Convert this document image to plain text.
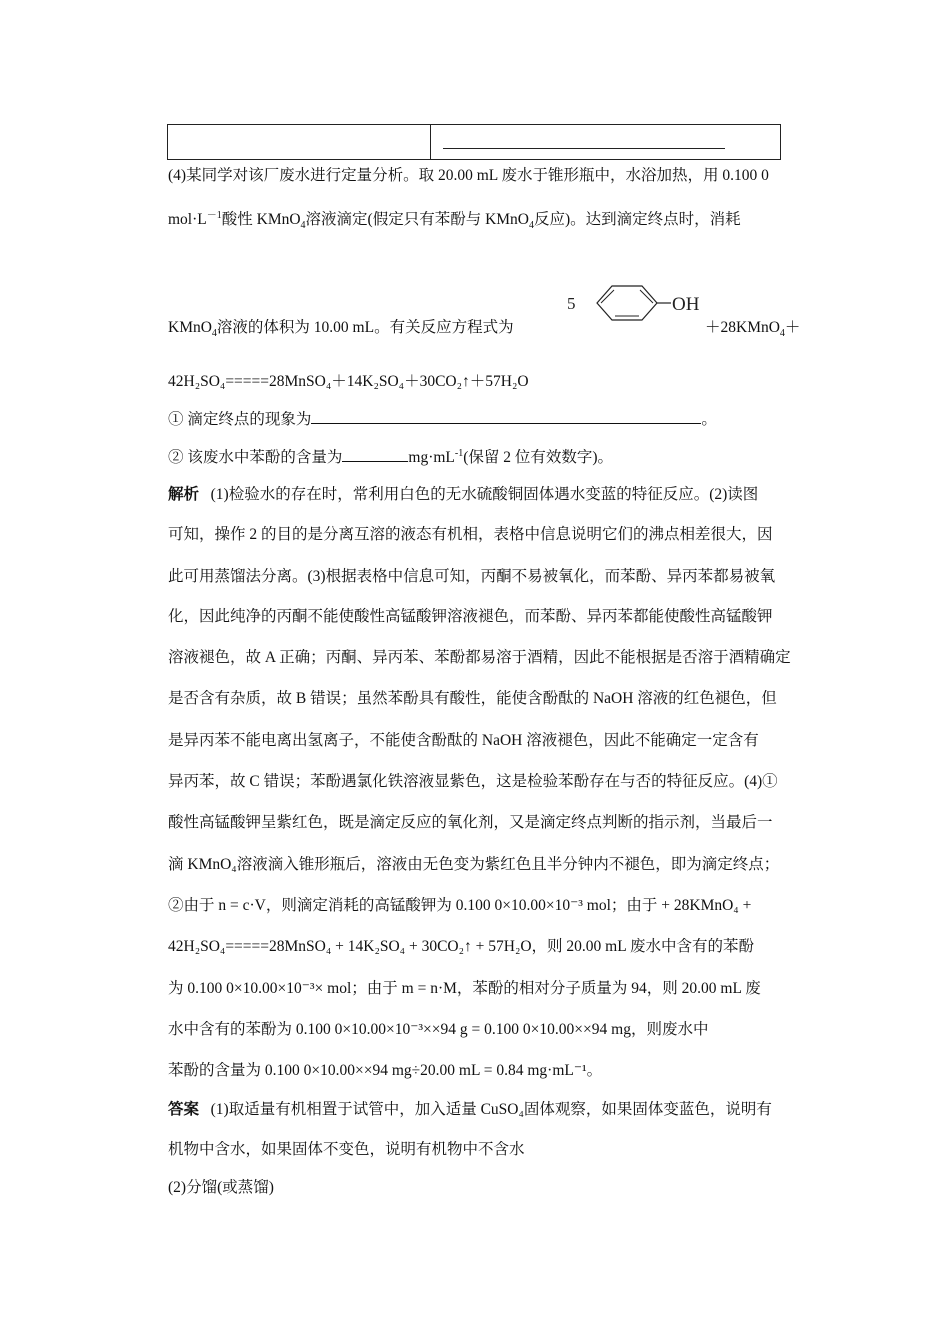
(4)某同学对该厂废水进行定量分析。取 20.00 mL 废水于锥形瓶中，水浴加热，用 0.100 0
$mol\cdot L^{-1}$酸性 KMnO$_4$溶液滴定(假定只有苯酚与 KMnO$_4$反应)。达到滴定终点时，消耗
KMnO$_4$溶液的体积为 10.00 mL。有关反应方程式为
5	OH
＋28KMnO$_4$＋
42H₂SO₄=====28MnSO₄＋14K₂SO₄＋30CO₂↑＋57H₂O
① 滴定终点的现象为	。
② 该废水中苯酚的含量为	$mg\cdot mL^{-1}$(保留 2 位有效数字)。
解析 (1)检验水的存在时，常利用白色的无水硫酸铜固体遇水变蓝的特征反应。(2)读图
可知，操作 2 的目的是分离互溶的液态有机相，表格中信息说明它们的沸点相差很大，因
此可用蒸馏法分离。(3)根据表格中信息可知，丙酮不易被氧化，而苯酚、异丙苯都易被氧
化，因此纯净的丙酮不能使酸性高锰酸钾溶液褪色，而苯酚、异丙苯都能使酸性高锰酸钾
溶液褪色，故 A 正确；丙酮、异丙苯、苯酚都易溶于酒精，因此不能根据是否溶于酒精确定
是否含有杂质，故 B 错误；虽然苯酚具有酸性，能使含酚酞的 NaOH 溶液的红色褪色，但
是异丙苯不能电离出氢离子，不能使含酚酞的 NaOH 溶液褪色，因此不能确定一定含有
异丙苯，故 C 错误；苯酚遇氯化铁溶液显紫色，这是检验苯酚存在与否的特征反应。(4)①
酸性高锰酸钾呈紫红色，既是滴定反应的氧化剂，又是滴定终点判断的指示剂，当最后一
滴 KMnO₄溶液滴入锥形瓶后，溶液由无色变为紫红色且半分钟内不褪色，即为滴定终点；
②由于 n = c·V，则滴定消耗的高锰酸钾为 0.100 0×10.00×10⁻³ mol；由于 + 28KMnO₄ +
42H₂SO₄=====28MnSO₄ + 14K₂SO₄ + 30CO₂↑ + 57H₂O，则 20.00 mL 废水中含有的苯酚
为 0.100 0×10.00×10⁻³× mol；由于 m = n·M，苯酚的相对分子质量为 94，则 20.00 mL 废
水中含有的苯酚为 0.100 0×10.00×10⁻³××94 g = 0.100 0×10.00××94 mg，则废水中
苯酚的含量为 0.100 0×10.00××94 mg÷20.00 mL = 0.84 mg·mL⁻¹。
答案 (1)取适量有机相置于试管中，加入适量 CuSO₄固体观察，如果固体变蓝色，说明有
机物中含水，如果固体不变色，说明有机物中不含水
(2)分馏(或蒸馏)
